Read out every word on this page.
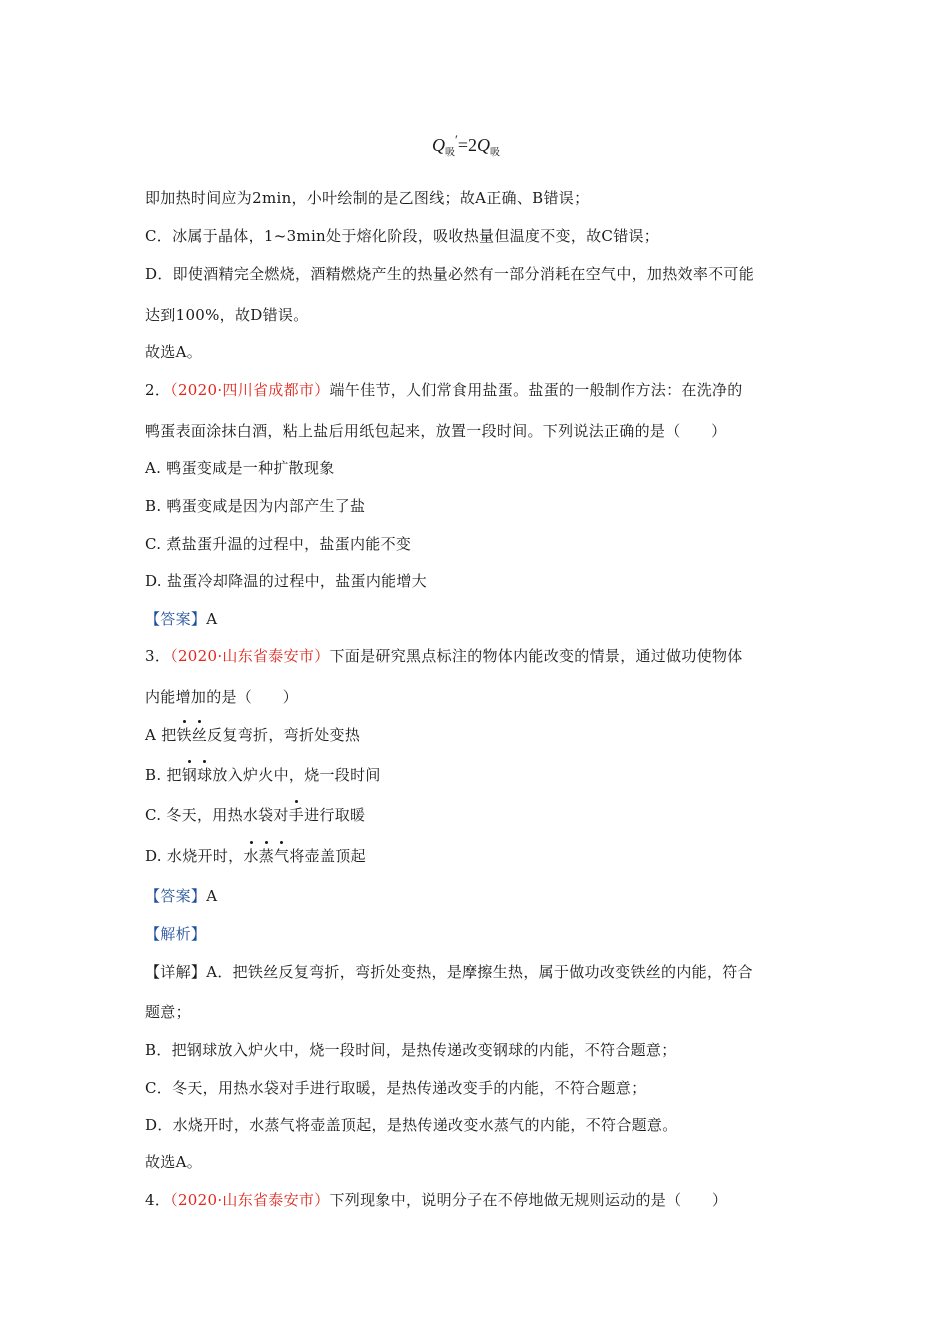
$Q_吸'=2Q_吸$
即加热时间应为2min，小叶绘制的是乙图线；故A正确、B错误；
C．冰属于晶体，1~3min处于熔化阶段，吸收热量但温度不变，故C错误；
D．即使酒精完全燃烧，酒精燃烧产生的热量必然有一部分消耗在空气中，加热效率不可能
达到100%，故D错误。
故选A。
2．（2020·四川省成都市）端午佳节，人们常食用盐蛋。盐蛋的一般制作方法：在洗净的
鸭蛋表面涂抹白酒，粘上盐后用纸包起来，放置一段时间。下列说法正确的是（　　）
A. 鸭蛋变咸是一种扩散现象
B. 鸭蛋变咸是因为内部产生了盐
C. 煮盐蛋升温的过程中，盐蛋内能不变
D. 盐蛋冷却降温的过程中，盐蛋内能增大
【答案】A
3．（2020·山东省泰安市）下面是研究黑点标注的物体内能改变的情景，通过做功使物体
内能增加的是（　　）
A 把铁丝反复弯折，弯折处变热
B. 把钢球放入炉火中，烧一段时间
C. 冬天，用热水袋对手进行取暖
D. 水烧开时，水蒸气将壶盖顶起
【答案】A
【解析】
【详解】A．把铁丝反复弯折，弯折处变热，是摩擦生热，属于做功改变铁丝的内能，符合
题意；
B．把钢球放入炉火中，烧一段时间，是热传递改变钢球的内能，不符合题意；
C．冬天，用热水袋对手进行取暖，是热传递改变手的内能，不符合题意；
D．水烧开时，水蒸气将壶盖顶起，是热传递改变水蒸气的内能，不符合题意。
故选A。
4．（2020·山东省泰安市）下列现象中，说明分子在不停地做无规则运动的是（　　）
